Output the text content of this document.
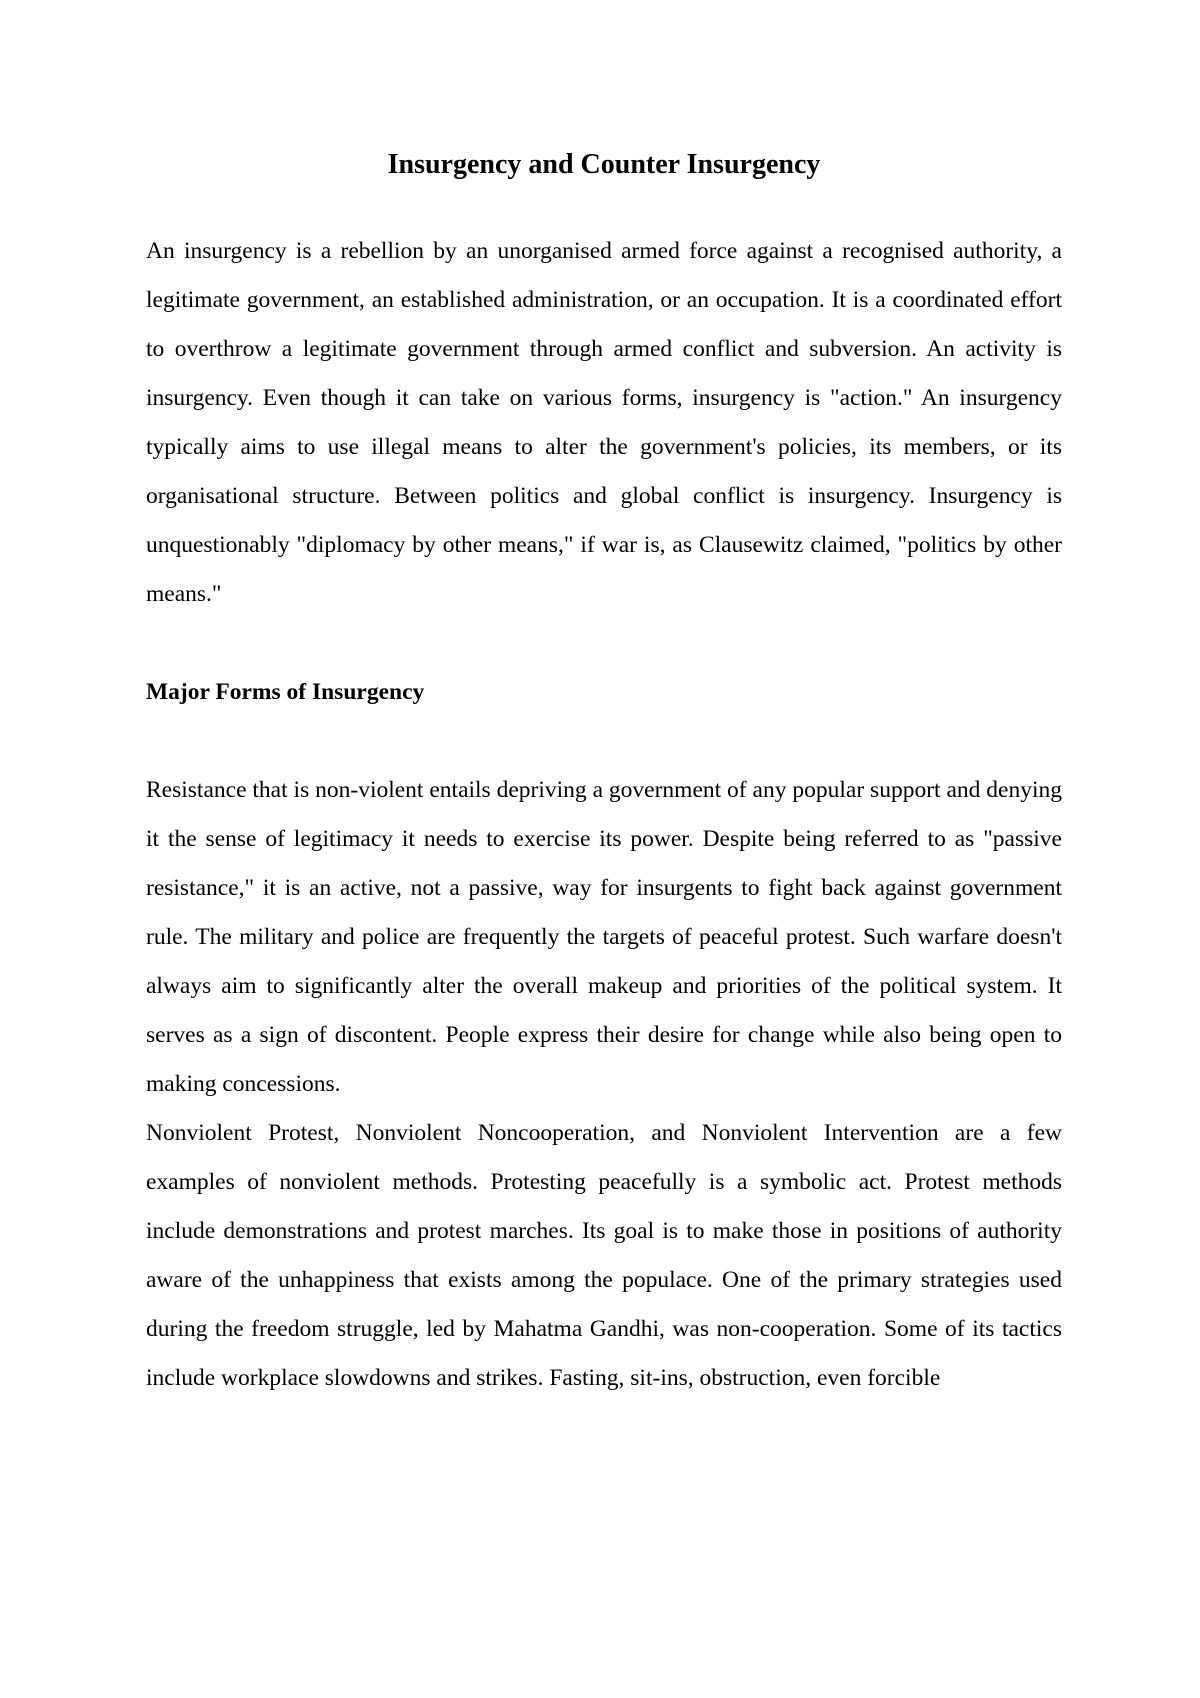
Insurgency and Counter Insurgency

An insurgency is a rebellion by an unorganised armed force against a recognised authority, a legitimate government, an established administration, or an occupation. It is a coordinated effort to overthrow a legitimate government through armed conflict and subversion. An activity is insurgency. Even though it can take on various forms, insurgency is "action." An insurgency typically aims to use illegal means to alter the government's policies, its members, or its organisational structure. Between politics and global conflict is insurgency. Insurgency is unquestionably "diplomacy by other means," if war is, as Clausewitz claimed, "politics by other means."

Major Forms of Insurgency

Resistance that is non-violent entails depriving a government of any popular support and denying it the sense of legitimacy it needs to exercise its power. Despite being referred to as "passive resistance," it is an active, not a passive, way for insurgents to fight back against government rule. The military and police are frequently the targets of peaceful protest. Such warfare doesn't always aim to significantly alter the overall makeup and priorities of the political system. It serves as a sign of discontent. People express their desire for change while also being open to making concessions.

Nonviolent Protest, Nonviolent Noncooperation, and Nonviolent Intervention are a few examples of nonviolent methods. Protesting peacefully is a symbolic act. Protest methods include demonstrations and protest marches. Its goal is to make those in positions of authority aware of the unhappiness that exists among the populace. One of the primary strategies used during the freedom struggle, led by Mahatma Gandhi, was non-cooperation. Some of its tactics include workplace slowdowns and strikes. Fasting, sit-ins, obstruction, even forcible
